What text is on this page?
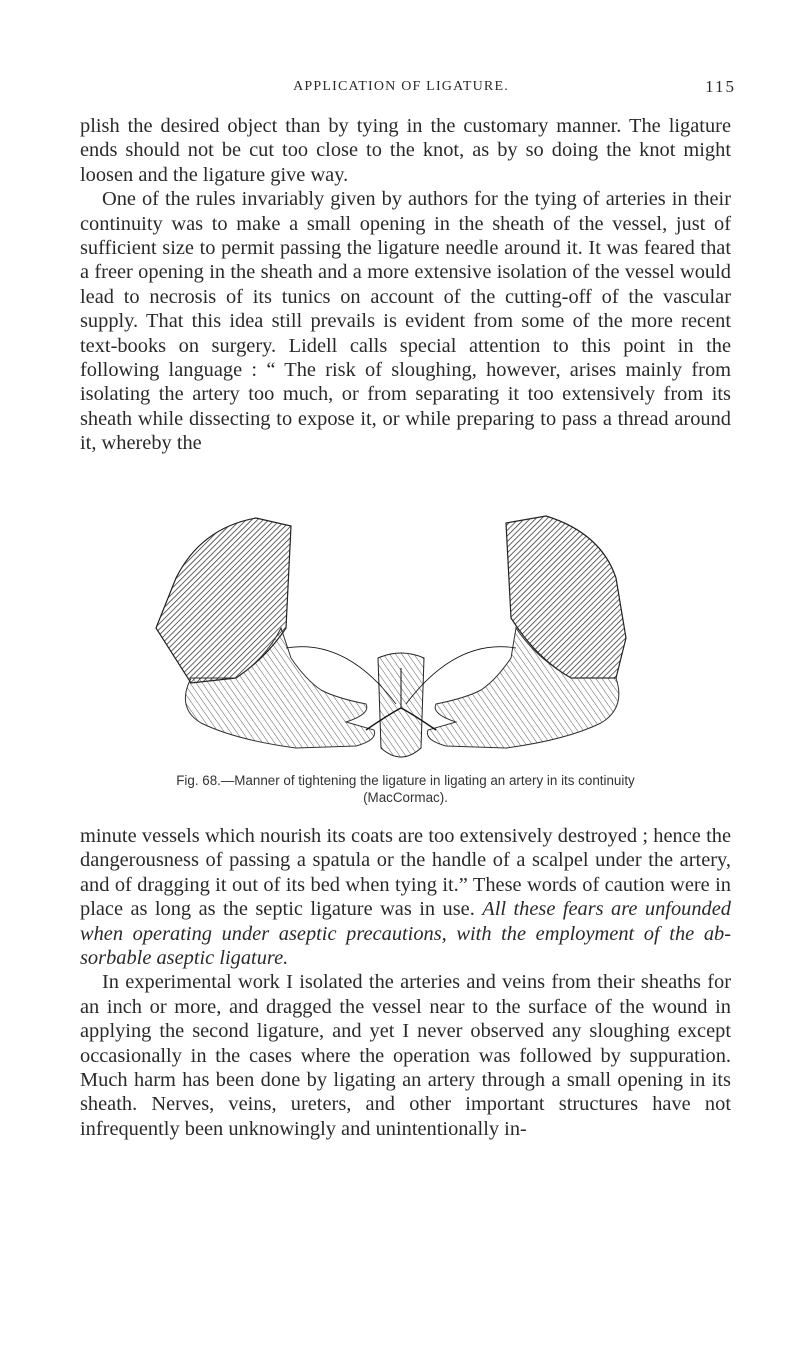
APPLICATION OF LIGATURE.	115

plish the desired object than by tying in the customary manner. The ligature ends should not be cut too close to the knot, as by so doing the knot might loosen and the ligature give way.

One of the rules invariably given by authors for the tying of arteries in their continuity was to make a small opening in the sheath of the vessel, just of sufficient size to permit passing the ligature needle around it. It was feared that a freer opening in the sheath and a more extensive isolation of the vessel would lead to necrosis of its tunics on account of the cutting-off of the vascular supply. That this idea still prevails is evident from some of the more recent text-books on surgery. Lidell calls special attention to this point in the following language : “ The risk of sloughing, however, arises mainly from isolating the artery too much, or from separating it too extensively from its sheath while dissecting to expose it, or while preparing to pass a thread around it, whereby the

Fig. 68.—Manner of tightening the ligature in ligating an artery in its continuity
(MacCormac).

minute vessels which nourish its coats are too extensively destroyed ; hence the dangerousness of passing a spatula or the handle of a scalpel under the artery, and of dragging it out of its bed when tying it.” These words of caution were in place as long as the septic ligature was in use. All these fears are unfounded when operating under aseptic precautions, with the employment of the ab-sorbable aseptic ligature.

In experimental work I isolated the arteries and veins from their sheaths for an inch or more, and dragged the vessel near to the surface of the wound in applying the second ligature, and yet I never observed any sloughing except occasionally in the cases where the operation was followed by suppuration. Much harm has been done by ligating an artery through a small opening in its sheath. Nerves, veins, ureters, and other important structures have not infrequently been unknowingly and unintentionally in-
